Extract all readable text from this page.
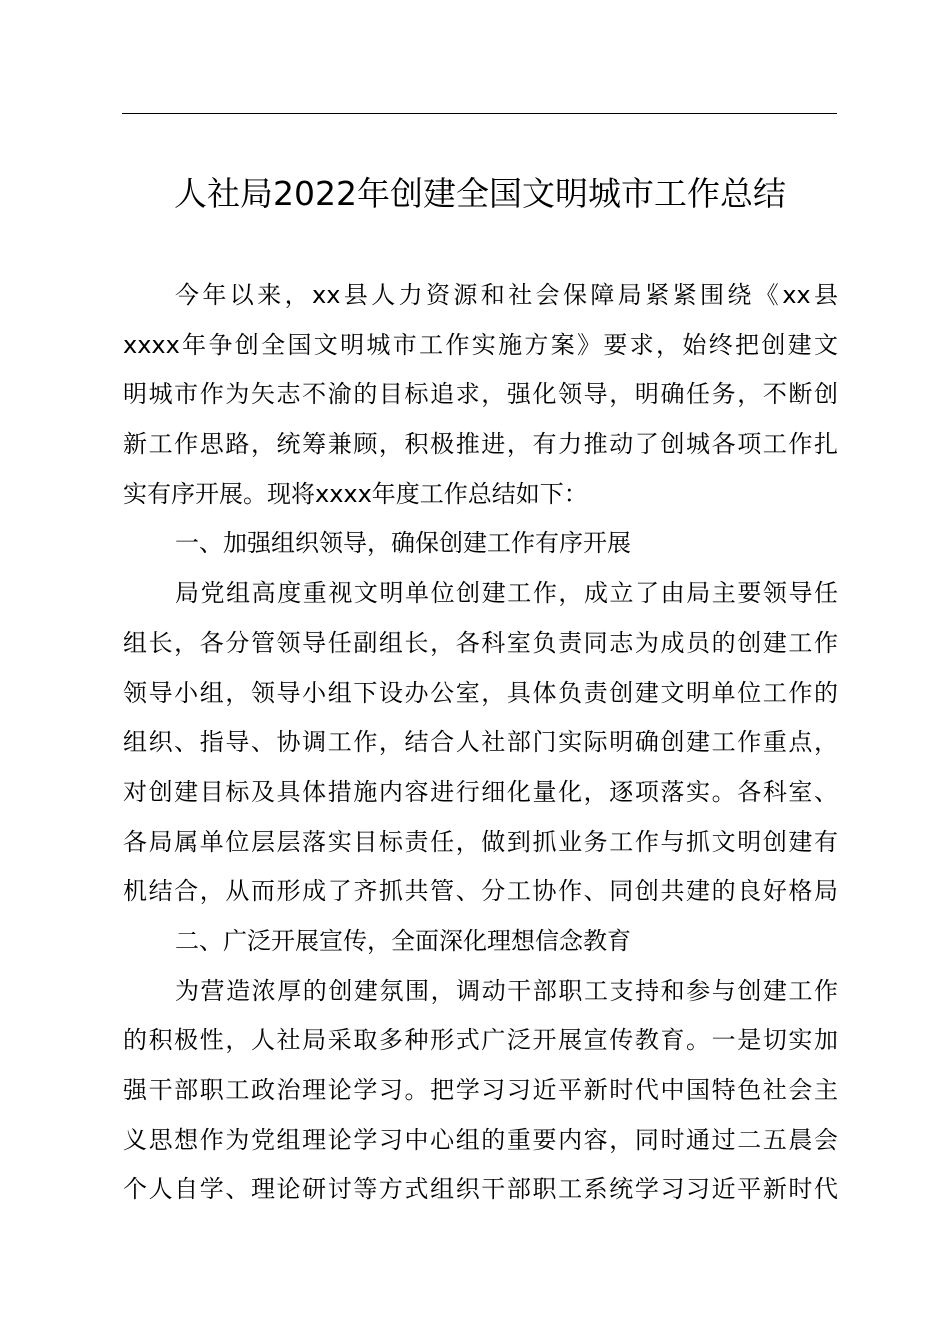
人社局2022年创建全国文明城市工作总结
今年以来，xx县人力资源和社会保障局紧紧围绕《xx县
xxxx年争创全国文明城市工作实施方案》要求，始终把创建文
明城市作为矢志不渝的目标追求，强化领导，明确任务，不断创
新工作思路，统筹兼顾，积极推进，有力推动了创城各项工作扎
实有序开展。现将xxxx年度工作总结如下：
一、加强组织领导，确保创建工作有序开展
局党组高度重视文明单位创建工作，成立了由局主要领导任
组长，各分管领导任副组长，各科室负责同志为成员的创建工作
领导小组，领导小组下设办公室，具体负责创建文明单位工作的
组织、指导、协调工作，结合人社部门实际明确创建工作重点，
对创建目标及具体措施内容进行细化量化，逐项落实。各科室、
各局属单位层层落实目标责任，做到抓业务工作与抓文明创建有
机结合，从而形成了齐抓共管、分工协作、同创共建的良好格局
二、广泛开展宣传，全面深化理想信念教育
为营造浓厚的创建氛围，调动干部职工支持和参与创建工作
的积极性，人社局采取多种形式广泛开展宣传教育。一是切实加
强干部职工政治理论学习。把学习习近平新时代中国特色社会主
义思想作为党组理论学习中心组的重要内容，同时通过二五晨会
个人自学、理论研讨等方式组织干部职工系统学习习近平新时代
